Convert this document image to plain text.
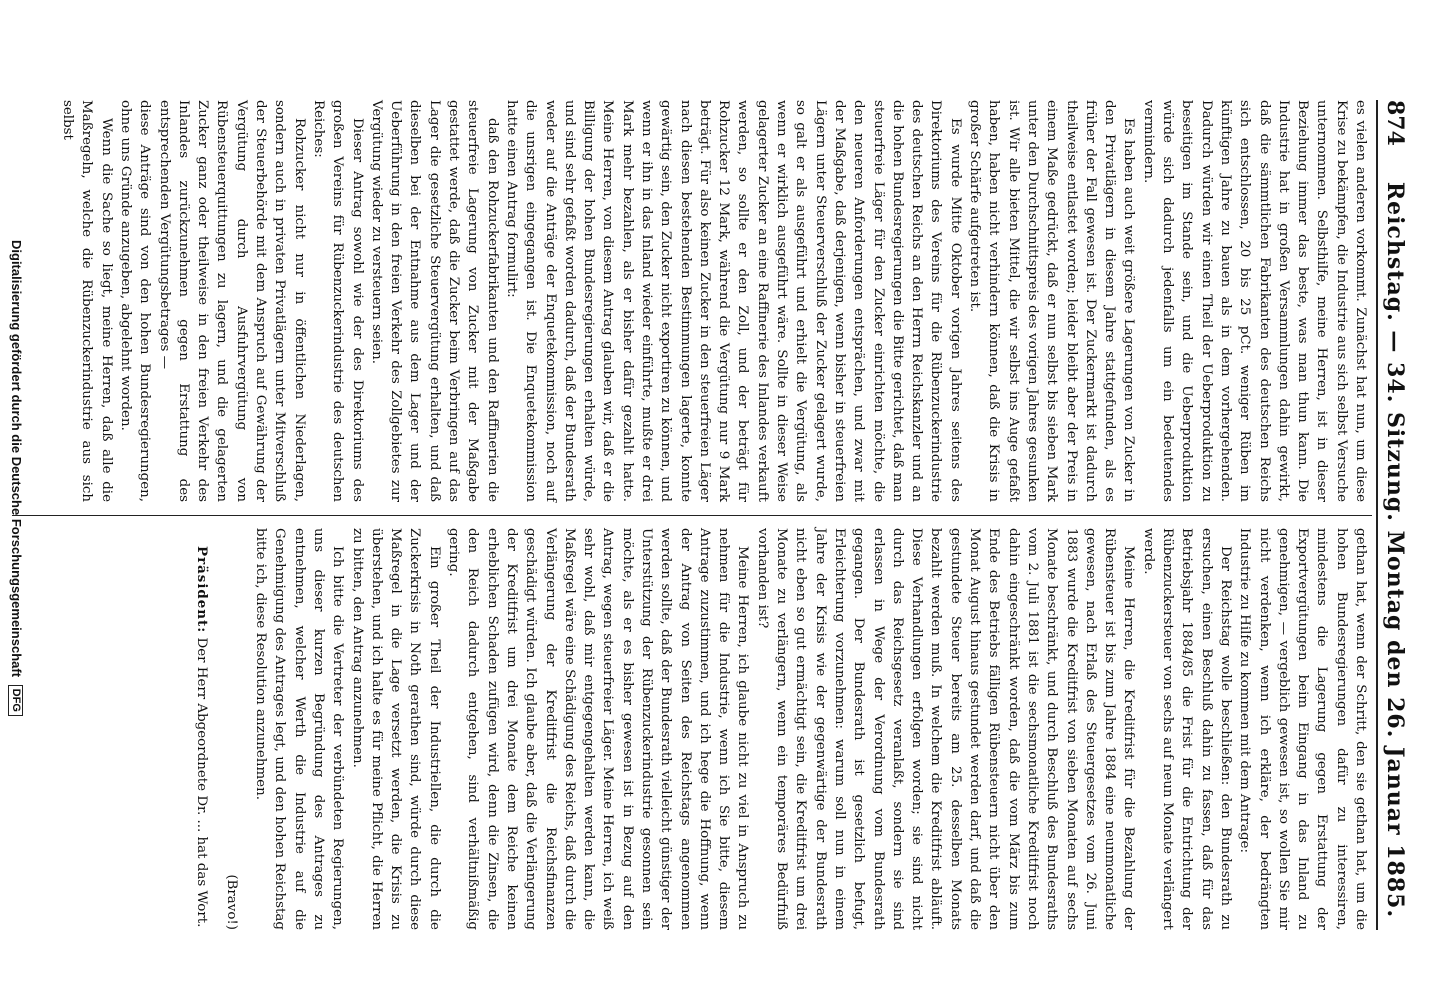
874
Reichstag. — 34. Sitzung. Montag den 26. Januar 1885.

es vielen anderen vorkommt. Zunächst hat nun, um diese Krise zu bekämpfen, die Industrie aus sich selbst Versuche unternommen. Selbsthilfe, meine Herren, ist in dieser Beziehung immer das beste, was man thun kann. Die Industrie hat in großen Versammlungen dahin gewirkt, daß die sämmtlichen Fabrikanten des deutschen Reichs sich entschlossen, 20 bis 25 pCt. weniger Rüben im künftigen Jahre zu bauen als in dem vorhergehenden. Dadurch würden wir einen Theil der Ueberproduktion zu beseitigen im Stande sein, und die Ueberproduktion würde sich dadurch jedenfalls um ein bedeutendes vermindern.

Es haben auch weit größere Lagerungen von Zucker in den Privatlägern in diesem Jahre stattgefunden, als es früher der Fall gewesen ist. Der Zuckermarkt ist dadurch theilweise entlastet worden; leider bleibt aber der Preis in einem Maße gedrückt, daß er nun selbst bis sieben Mark unter den Durchschnittspreis des vorigen Jahres gesunken ist. Wir alle bieten Mittel, die wir selbst ins Auge gefaßt haben, haben nicht verhindern können, daß die Krisis in großer Schärfe aufgetreten ist.

Es wurde Mitte Oktober vorigen Jahres seitens des Direktoriums des Vereins für die Rübenzuckerindustrie des deutschen Reichs an den Herrn Reichskanzler und an die hohen Bundesregierungen die Bitte gerichtet, daß man steuerfreie Läger für den Zucker einrichten möchte, die den neueren Anforderungen entsprächen, und zwar mit der Maßgabe, daß derjenigen, wenn bisher in steuerfreien Lägern unter Steuerverschluß der Zucker gelagert wurde, so galt er als ausgeführt und erhielt die Vergütung, als wenn er wirklich ausgeführt wäre. Sollte in dieser Weise gelagerter Zucker an eine Raffinerie des Inlandes verkauft werden, so sollte er den Zoll, und der beträgt für Rohzucker 12 Mark, während die Vergütung nur 9 Mark beträgt. Für also keinen Zucker in den steuerfreien Läger nach diesen bestehenden Bestimmungen lagerte, konnte gewärtig sein, den Zucker nicht exportiren zu können, und wenn er ihn in das Inland wieder einführte, mußte er drei Mark mehr bezahlen, als er bisher dafür gezahlt hatte. Meine Herren, von diesem Antrag glauben wir, daß er die Billigung der hohen Bundesregierungen erhalten würde, und sind sehr gefaßt worden dadurch, daß der Bundesrath weder auf die Anträge der Enquetekommission, noch auf die unsrigen eingegangen ist. Die Enquetekommission hatte einen Antrag formulirt:

daß den Rohzuckerfabrikanten und den Raffinerien die steuerfreie Lagerung von Zucker mit der Maßgabe gestattet werde, daß die Zucker beim Verbringen auf das Lager die gesetzliche Steuervergütung erhalten, und daß dieselben bei der Entnahme aus dem Lager und der Ueberführung in den freien Verkehr des Zollgebietes zur Vergütung wieder zu versteuern seien.

Dieser Antrag sowohl wie der des Direktoriums des großen Vereins für Rübenzuckerindustrie des deutschen Reiches:

Rohzucker nicht nur in öffentlichen Niederlagen, sondern auch in privaten Privatlägern unter Mitverschluß der Steuerbehörde mit dem Anspruch auf Gewährung der Vergütung durch Ausfuhrvergütung von Rübensteuerquittungen zu lagern, und die gelagerten Zucker ganz oder theilweise in den freien Verkehr des Inlandes zurückzunehmen gegen Erstattung des entsprechenden Vergütungsbetrages —

diese Anträge sind von den hohen Bundesregierungen, ohne uns Gründe anzugeben, abgelehnt worden.

Wenn die Sache so liegt, meine Herren, daß alle die Maßregeln, welche die Rübenzuckerindustrie aus sich selbst

gethan hat, wenn der Schritt, den sie gethan hat, um die hohen Bundesregierungen dafür zu interessiren, mindestens die Lagerung gegen Erstattung der Exportvergütungen beim Eingang in das Inland zu genehmigen, — vergeblich gewesen ist, so wollen Sie mir nicht verdenken, wenn ich erkläre, der bedrängten Industrie zu Hilfe zu kommen mit dem Antrage:

Der Reichstag wolle beschließen: den Bundesrath zu ersuchen, einen Beschluß dahin zu fassen, daß für das Betriebsjahr 1884/85 die Frist für die Entrichtung der Rübenzuckersteuer von sechs auf neun Monate verlängert werde.

Meine Herren, die Kreditfrist für die Bezahlung der Rübensteuer ist bis zum Jahre 1884 eine neunmonatliche gewesen, nach Erlaß des Steuergesetzes vom 26. Juni 1883 wurde die Kreditfrist von sieben Monaten auf sechs Monate beschränkt, und durch Beschluß des Bundesraths vom 2. Juli 1881 ist die sechsmonatliche Kreditfrist noch dahin eingeschränkt worden, daß die vom März bis zum Ende des Betriebs fälligen Rübensteuern nicht über den Monat August hinaus gestundet werden darf, und daß die gestundete Steuer bereits am 25. desselben Monats bezahlt werden muß. In welchem die Kreditfrist abläuft. Diese Verhandlungen erfolgen worden; sie sind nicht durch das Reichsgesetz veranlaßt, sondern sie sind erlassen in Wege der Verordnung vom Bundesrath gegangen. Der Bundesrath ist gesetzlich befugt, Erleichterung vorzunehmen: warum soll nun in einem Jahre der Krisis wie der gegenwärtige der Bundesrath nicht eben so gut ermächtigt sein, die Kreditfrist um drei Monate zu verlängern, wenn ein temporäres Bedürfniß vorhanden ist?

Meine Herren, ich glaube nicht zu viel in Anspruch zu nehmen für die Industrie, wenn ich Sie bitte, diesem Antrage zuzustimmen, und ich hege die Hoffnung, wenn der Antrag von Seiten des Reichstags angenommen werden sollte, daß der Bundesrath vielleicht günstiger der Unterstützung der Rübenzuckerindustrie gesonnen sein möchte, als er es bisher gewesen ist in Bezug auf den Antrag, wegen steuerfreier Läger. Meine Herren, ich weiß sehr wohl, daß mir entgegengehalten werden kann, die Maßregel wäre eine Schädigung des Reichs, daß durch die Verlängerung der Kreditfrist die Reichsfinanzen geschädigt würden. Ich glaube aber, daß die Verlängerung der Kreditfrist um drei Monate dem Reiche keinen erheblichen Schaden zufügen wird, denn die Zinsen, die den Reich dadurch entgehen, sind verhältnißmäßig gering.

Ein großer Theil der Industriellen, die durch die Zuckerkrisis in Noth gerathen sind, würde durch diese Maßregel in die Lage versetzt werden, die Krisis zu überstehen, und ich halte es für meine Pflicht, die Herren zu bitten, den Antrag anzunehmen.

Ich bitte die Vertreter der verbündeten Regierungen, uns dieser kurzen Begründung des Antrages zu entnehmen, welcher Werth die Industrie auf die Genehmigung des Antrages legt, und den hohen Reichstag bitte ich, diese Resolution anzunehmen.

(Bravo!)

Präsident: Der Herr Abgeordnete Dr. ... hat das Wort.

Digitalisierung gefördert durch die Deutsche Forschungsgemeinschaft DFG
